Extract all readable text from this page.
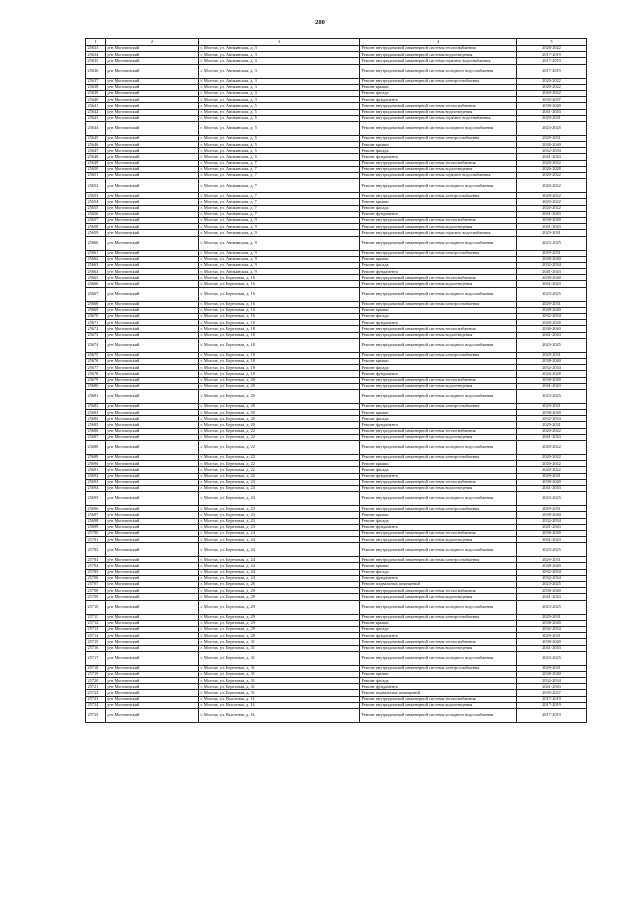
280
1	2	3	4	5
25633	р-н Могочинский	г. Могоча, ул. Аникинская, д. 3	Ремонт внутридомовой инженерной системы теплоснабжения	2020-2022
25634	р-н Могочинский	г. Могоча, ул. Аникинская, д. 3	Ремонт внутридомовой инженерной системы водоотведения	2017-2019
25635	р-н Могочинский	г. Могоча, ул. Аникинская, д. 3	Ремонт внутридомовой инженерной системы горячего водоснабжения	2017-2019
25636	р-н Могочинский	г. Могоча, ул. Аникинская, д. 3	Ремонт внутридомовой инженерной системы холодного водоснабжения	2017-2019
25637	р-н Могочинский	г. Могоча, ул. Аникинская, д. 3	Ремонт внутридомовой инженерной системы электроснабжения	2020-2022
25638	р-н Могочинский	г. Могоча, ул. Аникинская, д. 3	Ремонт крыши	2020-2022
25639	р-н Могочинский	г. Могоча, ул. Аникинская, д. 3	Ремонт фасада	2020-2022
25640	р-н Могочинский	г. Могоча, ул. Аникинская, д. 3	Ремонт фундамента	2035-2037
25641	р-н Могочинский	г. Могоча, ул. Аникинская, д. 5	Ремонт внутридомовой инженерной системы теплоснабжения	2038-2040
25642	р-н Могочинский	г. Могоча, ул. Аникинская, д. 5	Ремонт внутридомовой инженерной системы водоотведения	2041-2043
25643	р-н Могочинский	г. Могоча, ул. Аникинская, д. 5	Ремонт внутридомовой инженерной системы горячего водоснабжения	2029-2031
25644	р-н Могочинский	г. Могоча, ул. Аникинская, д. 5	Ремонт внутридомовой инженерной системы холодного водоснабжения	2023-2025
25645	р-н Могочинский	г. Могоча, ул. Аникинская, д. 5	Ремонт внутридомовой инженерной системы электроснабжения	2029-2031
25646	р-н Могочинский	г. Могоча, ул. Аникинская, д. 5	Ремонт крыши	2038-2040
25647	р-н Могочинский	г. Могоча, ул. Аникинская, д. 5	Ремонт фасада	2032-2034
25648	р-н Могочинский	г. Могоча, ул. Аникинская, д. 5	Ремонт фундамента	2041-2043
25649	р-н Могочинский	г. Могоча, ул. Аникинская, д. 7	Ремонт внутридомовой инженерной системы теплоснабжения	2020-2022
25650	р-н Могочинский	г. Могоча, ул. Аникинская, д. 7	Ремонт внутридомовой инженерной системы водоотведения	2026-2028
25651	р-н Могочинский	г. Могоча, ул. Аникинская, д. 7	Ремонт внутридомовой инженерной системы горячего водоснабжения	2020-2022
25652	р-н Могочинский	г. Могоча, ул. Аникинская, д. 7	Ремонт внутридомовой инженерной системы холодного водоснабжения	2020-2022
25653	р-н Могочинский	г. Могоча, ул. Аникинская, д. 7	Ремонт внутридомовой инженерной системы электроснабжения	2020-2022
25654	р-н Могочинский	г. Могоча, ул. Аникинская, д. 7	Ремонт крыши	2020-2022
25655	р-н Могочинский	г. Могоча, ул. Аникинская, д. 7	Ремонт фасада	2020-2022
25656	р-н Могочинский	г. Могоча, ул. Аникинская, д. 7	Ремонт фундамента	2041-2043
25657	р-н Могочинский	г. Могоча, ул. Аникинская, д. 9	Ремонт внутридомовой инженерной системы теплоснабжения	2038-2040
25658	р-н Могочинский	г. Могоча, ул. Аникинская, д. 9	Ремонт внутридомовой инженерной системы водоотведения	2041-2043
25659	р-н Могочинский	г. Могоча, ул. Аникинская, д. 9	Ремонт внутридомовой инженерной системы горячего водоснабжения	2029-2031
25660	р-н Могочинский	г. Могоча, ул. Аникинская, д. 9	Ремонт внутридомовой инженерной системы холодного водоснабжения	2023-2025
25661	р-н Могочинский	г. Могоча, ул. Аникинская, д. 9	Ремонт внутридомовой инженерной системы электроснабжения	2029-2031
25662	р-н Могочинский	г. Могоча, ул. Аникинская, д. 9	Ремонт крыши	2038-2040
25663	р-н Могочинский	г. Могоча, ул. Аникинская, д. 9	Ремонт фасада	2032-2034
25664	р-н Могочинский	г. Могоча, ул. Аникинская, д. 9	Ремонт фундамента	2041-2043
25665	р-н Могочинский	г. Могоча, ул. Березовая, д. 16	Ремонт внутридомовой инженерной системы теплоснабжения	2038-2040
25666	р-н Могочинский	г. Могоча, ул. Березовая, д. 16	Ремонт внутридомовой инженерной системы водоотведения	2041-2043
25667	р-н Могочинский	г. Могоча, ул. Березовая, д. 16	Ремонт внутридомовой инженерной системы холодного водоснабжения	2023-2025
25668	р-н Могочинский	г. Могоча, ул. Березовая, д. 16	Ремонт внутридомовой инженерной системы электроснабжения	2029-2031
25669	р-н Могочинский	г. Могоча, ул. Березовая, д. 16	Ремонт крыши	2038-2040
25670	р-н Могочинский	г. Могоча, ул. Березовая, д. 16	Ремонт фасада	2032-2034
25671	р-н Могочинский	г. Могоча, ул. Березовая, д. 16	Ремонт фундамента	2026-2028
25672	р-н Могочинский	г. Могоча, ул. Березовая, д. 18	Ремонт внутридомовой инженерной системы теплоснабжения	2038-2040
25673	р-н Могочинский	г. Могоча, ул. Березовая, д. 18	Ремонт внутридомовой инженерной системы водоотведения	2041-2043
25674	р-н Могочинский	г. Могоча, ул. Березовая, д. 18	Ремонт внутридомовой инженерной системы холодного водоснабжения	2023-2025
25675	р-н Могочинский	г. Могоча, ул. Березовая, д. 18	Ремонт внутридомовой инженерной системы электроснабжения	2029-2031
25676	р-н Могочинский	г. Могоча, ул. Березовая, д. 18	Ремонт крыши	2038-2040
25677	р-н Могочинский	г. Могоча, ул. Березовая, д. 18	Ремонт фасада	2032-2034
25678	р-н Могочинский	г. Могоча, ул. Березовая, д. 18	Ремонт фундамента	2026-2028
25679	р-н Могочинский	г. Могоча, ул. Березовая, д. 20	Ремонт внутридомовой инженерной системы теплоснабжения	2038-2040
25680	р-н Могочинский	г. Могоча, ул. Березовая, д. 20	Ремонт внутридомовой инженерной системы водоотведения	2041-2043
25681	р-н Могочинский	г. Могоча, ул. Березовая, д. 20	Ремонт внутридомовой инженерной системы холодного водоснабжения	2023-2025
25682	р-н Могочинский	г. Могоча, ул. Березовая, д. 20	Ремонт внутридомовой инженерной системы электроснабжения	2029-2031
25683	р-н Могочинский	г. Могоча, ул. Березовая, д. 20	Ремонт крыши	2038-2040
25684	р-н Могочинский	г. Могоча, ул. Березовая, д. 20	Ремонт фасада	2032-2034
25685	р-н Могочинский	г. Могоча, ул. Березовая, д. 20	Ремонт фундамента	2029-2031
25686	р-н Могочинский	г. Могоча, ул. Березовая, д. 22	Ремонт внутридомовой инженерной системы теплоснабжения	2020-2022
25687	р-н Могочинский	г. Могоча, ул. Березовая, д. 22	Ремонт внутридомовой инженерной системы водоотведения	2041-2043
25688	р-н Могочинский	г. Могоча, ул. Березовая, д. 22	Ремонт внутридомовой инженерной системы холодного водоснабжения	2020-2022
25689	р-н Могочинский	г. Могоча, ул. Березовая, д. 22	Ремонт внутридомовой инженерной системы электроснабжения	2020-2022
25690	р-н Могочинский	г. Могоча, ул. Березовая, д. 22	Ремонт крыши	2020-2022
25691	р-н Могочинский	г. Могоча, ул. Березовая, д. 22	Ремонт фасада	2020-2022
25692	р-н Могочинский	г. Могоча, ул. Березовая, д. 22	Ремонт фундамента	2029-2031
25693	р-н Могочинский	г. Могоча, ул. Березовая, д. 23	Ремонт внутридомовой инженерной системы теплоснабжения	2038-2040
25694	р-н Могочинский	г. Могоча, ул. Березовая, д. 23	Ремонт внутридомовой инженерной системы водоотведения	2041-2043
25695	р-н Могочинский	г. Могоча, ул. Березовая, д. 23	Ремонт внутридомовой инженерной системы холодного водоснабжения	2023-2025
25696	р-н Могочинский	г. Могоча, ул. Березовая, д. 23	Ремонт внутридомовой инженерной системы электроснабжения	2029-2031
25697	р-н Могочинский	г. Могоча, ул. Березовая, д. 23	Ремонт крыши	2038-2040
25698	р-н Могочинский	г. Могоча, ул. Березовая, д. 23	Ремонт фасада	2032-2034
25699	р-н Могочинский	г. Могоча, ул. Березовая, д. 23	Ремонт фундамента	2041-2043
25700	р-н Могочинский	г. Могоча, ул. Березовая, д. 24	Ремонт внутридомовой инженерной системы теплоснабжения	2038-2040
25701	р-н Могочинский	г. Могоча, ул. Березовая, д. 24	Ремонт внутридомовой инженерной системы водоотведения	2041-2043
25702	р-н Могочинский	г. Могоча, ул. Березовая, д. 24	Ремонт внутридомовой инженерной системы холодного водоснабжения	2023-2025
25703	р-н Могочинский	г. Могоча, ул. Березовая, д. 24	Ремонт внутридомовой инженерной системы электроснабжения	2029-2031
25704	р-н Могочинский	г. Могоча, ул. Березовая, д. 24	Ремонт крыши	2038-2040
25705	р-н Могочинский	г. Могоча, ул. Березовая, д. 24	Ремонт фасада	2032-2034
25706	р-н Могочинский	г. Могоча, ул. Березовая, д. 24	Ремонт фундамента	2032-2034
25707	р-н Могочинский	г. Могоча, ул. Березовая, д. 26	Ремонт подвальных помещений	2023-2025
25708	р-н Могочинский	г. Могоча, ул. Березовая, д. 29	Ремонт внутридомовой инженерной системы теплоснабжения	2038-2040
25709	р-н Могочинский	г. Могоча, ул. Березовая, д. 29	Ремонт внутридомовой инженерной системы водоотведения	2041-2043
25710	р-н Могочинский	г. Могоча, ул. Березовая, д. 29	Ремонт внутридомовой инженерной системы холодного водоснабжения	2023-2025
25711	р-н Могочинский	г. Могоча, ул. Березовая, д. 29	Ремонт внутридомовой инженерной системы электроснабжения	2029-2031
25712	р-н Могочинский	г. Могоча, ул. Березовая, д. 29	Ремонт крыши	2038-2040
25713	р-н Могочинский	г. Могоча, ул. Березовая, д. 29	Ремонт фасада	2032-2034
25714	р-н Могочинский	г. Могоча, ул. Березовая, д. 29	Ремонт фундамента	2029-2031
25715	р-н Могочинский	г. Могоча, ул. Березовая, д. 31	Ремонт внутридомовой инженерной системы теплоснабжения	2038-2040
25716	р-н Могочинский	г. Могоча, ул. Березовая, д. 31	Ремонт внутридомовой инженерной системы водоотведения	2041-2043
25717	р-н Могочинский	г. Могоча, ул. Березовая, д. 31	Ремонт внутридомовой инженерной системы холодного водоснабжения	2023-2025
25718	р-н Могочинский	г. Могоча, ул. Березовая, д. 31	Ремонт внутридомовой инженерной системы электроснабжения	2029-2031
25719	р-н Могочинский	г. Могоча, ул. Березовая, д. 31	Ремонт крыши	2038-2040
25720	р-н Могочинский	г. Могоча, ул. Березовая, д. 31	Ремонт фасада	2032-2034
25721	р-н Могочинский	г. Могоча, ул. Березовая, д. 31	Ремонт фундамента	2041-2043
25722	р-н Могочинский	г. Могоча, ул. Березовая, д. 31	Ремонт подвальных помещений	2035-2037
25723	р-н Могочинский	г. Могоча, ул. Высотная, д. 14	Ремонт внутридомовой инженерной системы теплоснабжения	2017-2019
25724	р-н Могочинский	г. Могоча, ул. Высотная, д. 14	Ремонт внутридомовой инженерной системы водоотведения	2017-2019
25725	р-н Могочинский	г. Могоча, ул. Высотная, д. 14	Ремонт внутридомовой инженерной системы холодного водоснабжения	2017-2019
